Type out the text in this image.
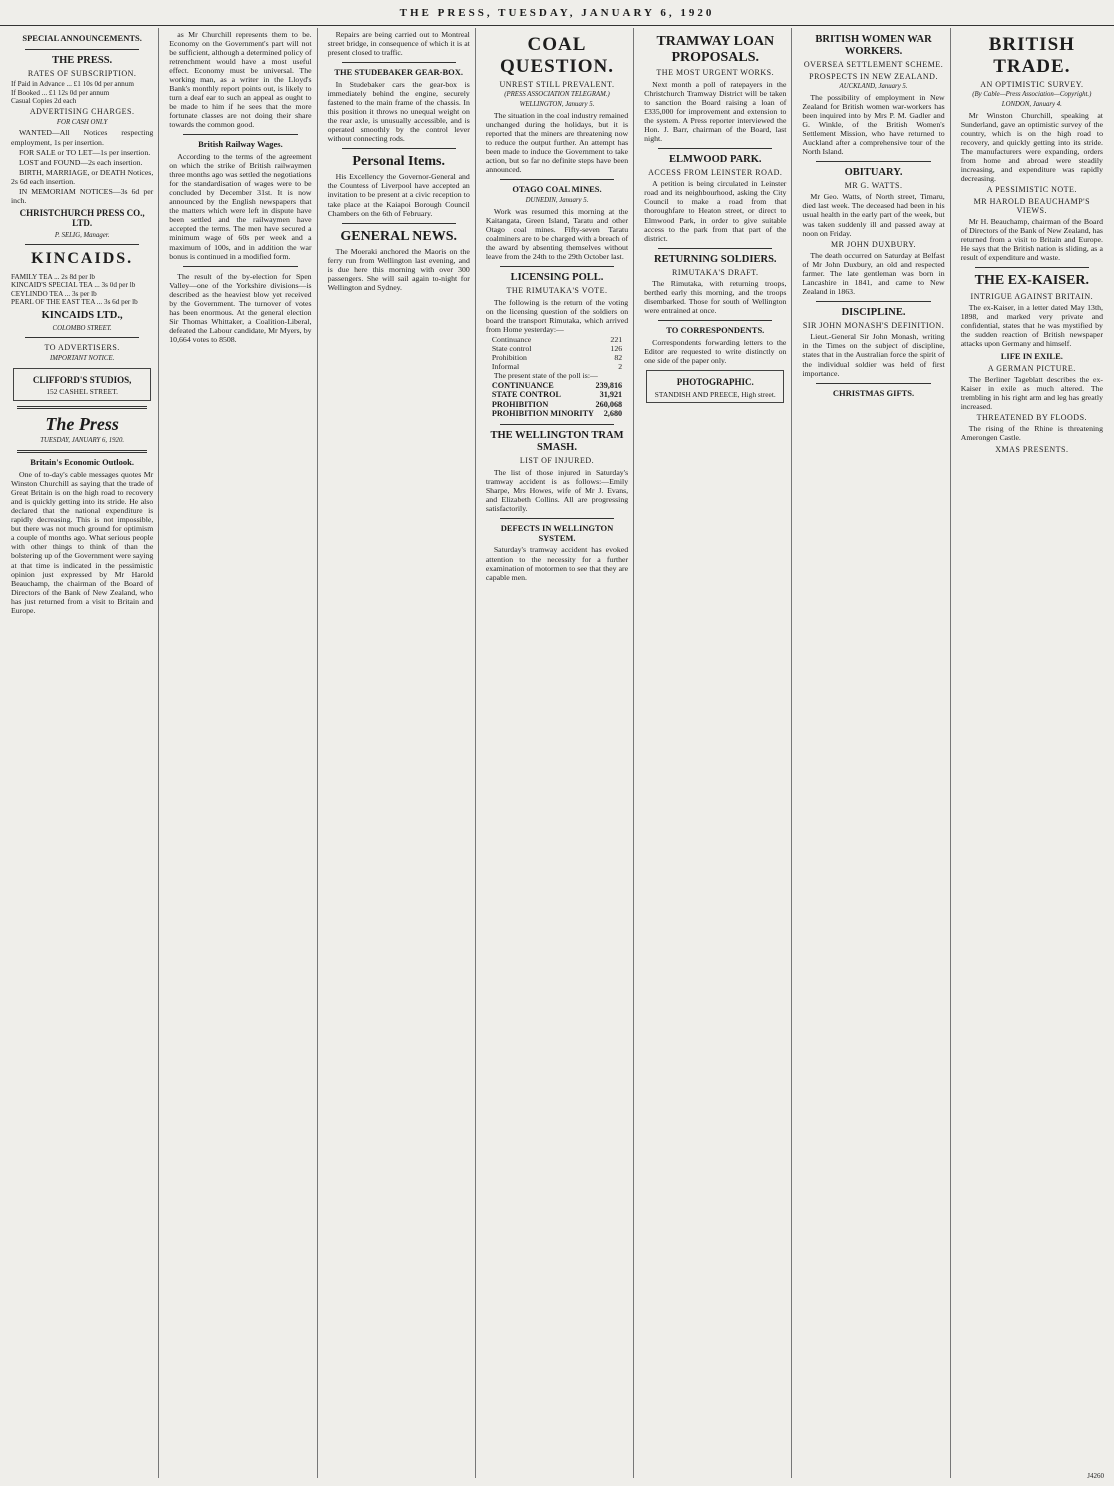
THE PRESS, TUESDAY, JANUARY 6, 1920
SPECIAL ANNOUNCEMENTS.
THE PRESS.
RATES OF SUBSCRIPTION.
If Paid in Advance ... £1 10s 0d per annum
If Booked ... £1 12s 0d per annum
Casual Copies 2d each
ADVERTISING CHARGES.
FOR CASH ONLY

WANTED—All Notices respecting employment, 1s per insertion.

FOR SALE or TO LET—1s per insertion.

LOST and FOUND—2s each insertion.

BIRTH, MARRIAGE, or DEATH Notices, 2s 6d each insertion.

IN MEMORIAM NOTICES—3s 6d per inch.

CHRISTCHURCH PRESS CO., LTD.
P. SELIG, Manager.
KINCAIDS.
FAMILY TEA ... 2s 8d per lb
KINCAID'S SPECIAL TEA ... 3s 0d per lb
CEYLINDO TEA ... 3s per lb
PEARL OF THE EAST TEA ... 3s 6d per lb
KINCAIDS LTD.,
COLOMBO STREET.
TO ADVERTISERS.
IMPORTANT NOTICE.
CLIFFORD'S STUDIOS,
152 CASHEL STREET.
The Press
TUESDAY, JANUARY 6, 1920.
Britain's Economic Outlook.

One of to-day's cable messages quotes Mr Winston Churchill as saying that the trade of Great Britain is on the high road to recovery and is quickly getting into its stride. He also declared that the national expenditure is rapidly decreasing. This is not impossible, but there was not much ground for optimism a couple of months ago. What serious people with other things to think of than the bolstering up of the Government were saying at that time is indicated in the pessimistic opinion just expressed by Mr Harold Beauchamp, the chairman of the Board of Directors of the Bank of New Zealand, who has just returned from a visit to Britain and Europe.

as Mr Churchill represents them to be. Economy on the Government's part will not be sufficient, although a determined policy of retrenchment would have a most useful effect. Economy must be universal. The working man, as a writer in the Lloyd's Bank's monthly report points out, is likely to turn a deaf ear to such an appeal as ought to be made to him if he sees that the more fortunate classes are not doing their share towards the common good.

British Railway Wages.

According to the terms of the agreement on which the strike of British railwaymen three months ago was settled the negotiations for the standardisation of wages were to be concluded by December 31st. It is now announced by the English newspapers that the matters which were left in dispute have been settled and the railwaymen have accepted the terms. The men have secured a minimum wage of 60s per week and a maximum of 100s, and in addition the war bonus is continued in a modified form.

The result of the by-election for Spen Valley—one of the Yorkshire divisions—is described as the heaviest blow yet received by the Government. The turnover of votes has been enormous. At the general election Sir Thomas Whittaker, a Coalition-Liberal, defeated the Labour candidate, Mr Myers, by 10,664 votes to 8508.

Repairs are being carried out to Montreal street bridge, in consequence of which it is at present closed to traffic.

THE STUDEBAKER GEAR-BOX.

In Studebaker cars the gear-box is immediately behind the engine, securely fastened to the main frame of the chassis. In this position it throws no unequal weight on the rear axle, is unusually accessible, and is operated smoothly by the control lever without connecting rods.

Personal Items.

His Excellency the Governor-General and the Countess of Liverpool have accepted an invitation to be present at a civic reception to take place at the Kaiapoi Borough Council Chambers on the 6th of February.

GENERAL NEWS.

The Moeraki anchored the Maoris on the ferry run from Wellington last evening, and is due here this morning with over 300 passengers. She will sail again to-night for Wellington and Sydney.

COAL QUESTION.
UNREST STILL PREVALENT.
(PRESS ASSOCIATION TELEGRAM.)
WELLINGTON, January 5.

The situation in the coal industry remained unchanged during the holidays, but it is reported that the miners are threatening now to reduce the output further. An attempt has been made to induce the Government to take action, but so far no definite steps have been announced.

OTAGO COAL MINES.
DUNEDIN, January 5.

Work was resumed this morning at the Kaitangata, Green Island, Taratu and other Otago coal mines. Fifty-seven Taratu coalminers are to be charged with a breach of the award by absenting themselves without leave from the 24th to the 29th October last.

LICENSING POLL.
THE RIMUTAKA'S VOTE.

The following is the return of the voting on the licensing question of the soldiers on board the transport Rimutaka, which arrived from Home yesterday:—

Continuance	221
State control	126
Prohibition	82
Informal	2

The present state of the poll is:—

CONTINUANCE	239,816
STATE CONTROL	31,921
PROHIBITION	260,068
PROHIBITION MINORITY 2,680
THE WELLINGTON TRAM SMASH.
LIST OF INJURED.

The list of those injured in Saturday's tramway accident is as follows:—Emily Sharpe, Mrs Howes, wife of Mr J. Evans, and Elizabeth Collins. All are progressing satisfactorily.

DEFECTS IN WELLINGTON SYSTEM.

Saturday's tramway accident has evoked attention to the necessity for a further examination of motormen to see that they are capable men.

TRAMWAY LOAN PROPOSALS.
THE MOST URGENT WORKS.

Next month a poll of ratepayers in the Christchurch Tramway District will be taken to sanction the Board raising a loan of £335,000 for improvement and extension to the system. A Press reporter interviewed the Hon. J. Barr, chairman of the Board, last night.

ELMWOOD PARK.
ACCESS FROM LEINSTER ROAD.

A petition is being circulated in Leinster road and its neighbourhood, asking the City Council to make a road from that thoroughfare to Heaton street, or direct to Elmwood Park, in order to give suitable access to the park from that part of the district.

RETURNING SOLDIERS.
RIMUTAKA'S DRAFT.

The Rimutaka, with returning troops, berthed early this morning, and the troops disembarked. Those for south of Wellington were entrained at once.

TO CORRESPONDENTS.

Correspondents forwarding letters to the Editor are requested to write distinctly on one side of the paper only.

PHOTOGRAPHIC.
STANDISH AND PREECE, High street.
BRITISH WOMEN WAR WORKERS.
OVERSEA SETTLEMENT SCHEME.
PROSPECTS IN NEW ZEALAND.
AUCKLAND, January 5.

The possibility of employment in New Zealand for British women war-workers has been inquired into by Mrs P. M. Gadler and G. Winkle, of the British Women's Settlement Mission, who have returned to Auckland after a comprehensive tour of the North Island.

OBITUARY.
MR G. WATTS.

Mr Geo. Watts, of North street, Timaru, died last week. The deceased had been in his usual health in the early part of the week, but was taken suddenly ill and passed away at noon on Friday.

MR JOHN DUXBURY.

The death occurred on Saturday at Belfast of Mr John Duxbury, an old and respected farmer. The late gentleman was born in Lancashire in 1841, and came to New Zealand in 1863.

DISCIPLINE.
SIR JOHN MONASH'S DEFINITION.

Lieut.-General Sir John Monash, writing in the Times on the subject of discipline, states that in the Australian force the spirit of the individual soldier was held of first importance.

CHRISTMAS GIFTS.
BRITISH TRADE.
AN OPTIMISTIC SURVEY.
(By Cable—Press Association—Copyright.)
LONDON, January 4.

Mr Winston Churchill, speaking at Sunderland, gave an optimistic survey of the country, which is on the high road to recovery, and quickly getting into its stride. The manufacturers were expanding, orders from home and abroad were steadily increasing, and expenditure was rapidly decreasing.

A PESSIMISTIC NOTE.
MR HAROLD BEAUCHAMP'S VIEWS.

Mr H. Beauchamp, chairman of the Board of Directors of the Bank of New Zealand, has returned from a visit to Britain and Europe. He says that the British nation is sliding, as a result of expenditure and waste.

THE EX-KAISER.
INTRIGUE AGAINST BRITAIN.

The ex-Kaiser, in a letter dated May 13th, 1898, and marked very private and confidential, states that he was mystified by the sudden reaction of British newspaper attacks upon Germany and himself.

LIFE IN EXILE.
A GERMAN PICTURE.

The Berliner Tageblatt describes the ex-Kaiser in exile as much altered. The trembling in his right arm and leg has greatly increased.

THREATENED BY FLOODS.

The rising of the Rhine is threatening Amerongen Castle.

XMAS PRESENTS.
J4260
